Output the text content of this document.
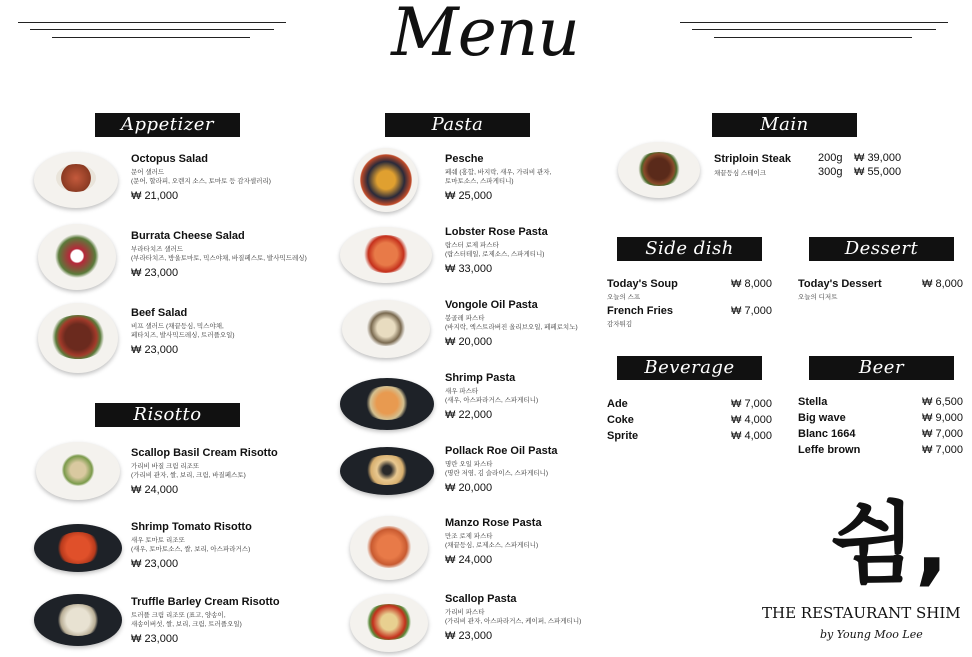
Menu
Appetizer
Risotto
Pasta	Main
Side dish	Dessert
Beverage	Beer
Octopus Salad
문어 샐러드
(문어, 할라피, 오렌지 소스, 토마토 등 감자셀러리)
₩ 21,000
Burrata Cheese Salad
부라타치즈 샐러드
(부라타치즈, 방울토마토, 믹스야채, 바질페스토, 발사믹드레싱)
₩ 23,000
Beef Salad
비프 샐러드 (채끝등심, 믹스야채,
페타치즈, 발사믹드레싱, 트러플오일)
₩ 23,000
Scallop Basil Cream Risotto
가리비 바질 크림 리조또
(가리비 관자, 쌀, 보리, 크림, 바질페스토)
₩ 24,000
Shrimp Tomato Risotto
새우 토마토 리조또
(새우, 토마토소스, 쌀, 보리, 아스파라거스)
₩ 23,000
Truffle Barley Cream Risotto
트러플 크림 리조또 (표고, 양송이,
새송이버섯, 쌀, 보리, 크림, 트러플오일)
₩ 23,000
Pesche
페쉐 (홍합, 바지락, 새우, 가리비 관자,
토마토소스, 스파게티니)
₩ 25,000
Lobster Rose Pasta
랍스터 로제 파스타
(랍스터테일, 로제소스, 스파게티니)
₩ 33,000
Vongole Oil Pasta
봉골레 파스타
(바지락, 엑스트라버진 올리브오일, 페페로치노)
₩ 20,000
Shrimp Pasta
새우 파스타
(새우, 아스파라거스, 스파게티니)
₩ 22,000
Pollack Roe Oil Pasta
명란 오일 파스타
(명란 저염, 김 슬라이스, 스파게티니)
₩ 20,000
Manzo Rose Pasta
만조 로제 파스타
(채끝등심, 로제소스, 스파게티니)
₩ 24,000
Scallop Pasta
가리비 파스타
(가리비 관자, 아스파라거스, 케이퍼, 스파게티니)
₩ 23,000
Striploin Steak
채끝등심 스테이크
200g ₩ 39,000
300g ₩ 55,000
Today's Soup
오늘의 스프
₩ 8,000
French Fries
감자튀김
₩ 7,000
Today's Dessert
오늘의 디저트
₩ 8,000
Ade	₩ 7,000
Coke	₩ 4,000
Sprite	₩ 4,000
Stella	₩ 6,500
Big wave	₩ 9,000
Blanc 1664	₩ 7,000
Leffe brown	₩ 7,000
쉼,
THE RESTAURANT SHIM
by Young Moo Lee
